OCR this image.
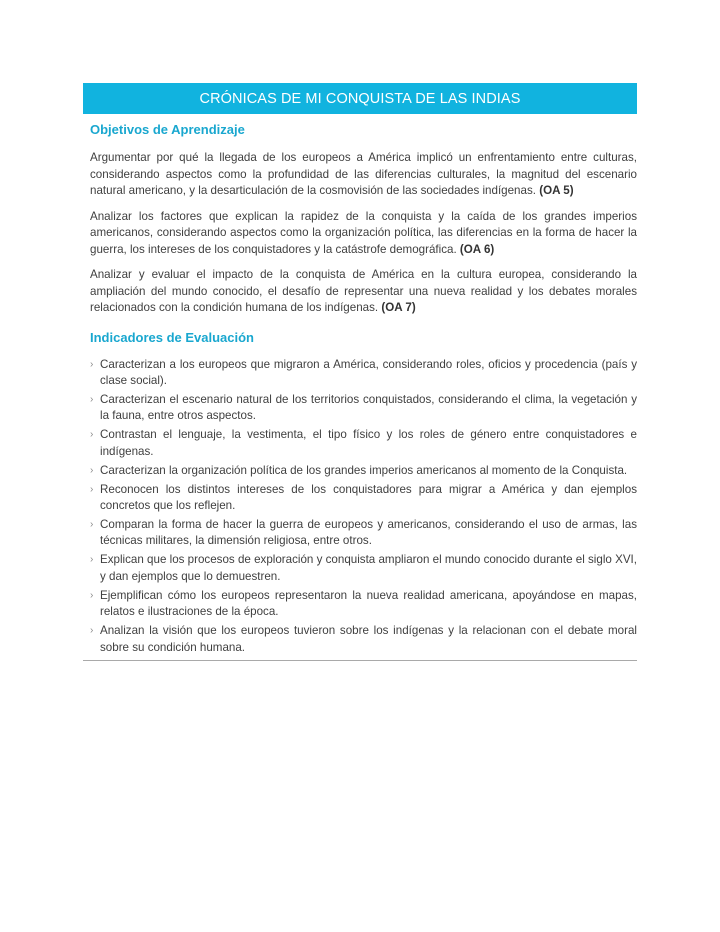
CRÓNICAS DE MI CONQUISTA DE LAS INDIAS
Objetivos de Aprendizaje

Argumentar por qué la llegada de los europeos a América implicó un enfrentamiento entre culturas, considerando aspectos como la profundidad de las diferencias culturales, la magnitud del escenario natural americano, y la desarticulación de la cosmovisión de las sociedades indígenas. (OA 5)

Analizar los factores que explican la rapidez de la conquista y la caída de los grandes imperios americanos, considerando aspectos como la organización política, las diferencias en la forma de hacer la guerra, los intereses de los conquistadores y la catástrofe demográfica. (OA 6)

Analizar y evaluar el impacto de la conquista de América en la cultura europea, considerando la ampliación del mundo conocido, el desafío de representar una nueva realidad y los debates morales relacionados con la condición humana de los indígenas. (OA 7)

Indicadores de Evaluación
› Caracterizan a los europeos que migraron a América, considerando roles, oficios y procedencia (país y clase social).
› Caracterizan el escenario natural de los territorios conquistados, considerando el clima, la vegetación y la fauna, entre otros aspectos.
› Contrastan el lenguaje, la vestimenta, el tipo físico y los roles de género entre conquistadores e indígenas.
› Caracterizan la organización política de los grandes imperios americanos al momento de la Conquista.
› Reconocen los distintos intereses de los conquistadores para migrar a América y dan ejemplos concretos que los reflejen.
› Comparan la forma de hacer la guerra de europeos y americanos, considerando el uso de armas, las técnicas militares, la dimensión religiosa, entre otros.
› Explican que los procesos de exploración y conquista ampliaron el mundo conocido durante el siglo XVI, y dan ejemplos que lo demuestren.
› Ejemplifican cómo los europeos representaron la nueva realidad americana, apoyándose en mapas, relatos e ilustraciones de la época.
› Analizan la visión que los europeos tuvieron sobre los indígenas y la relacionan con el debate moral sobre su condición humana.
